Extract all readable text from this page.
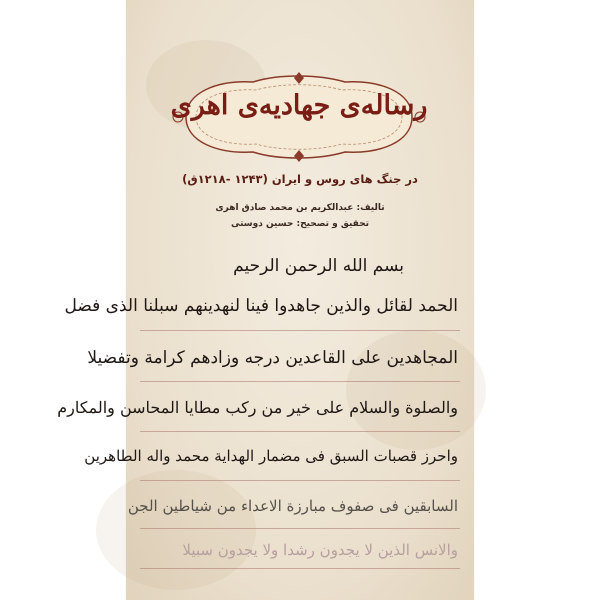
رساله‌ی جهادیه‌ی اهری
در جنگ های روس و ایران (۱۲۴۳ -۱۲۱۸ق)
تالیف: عبدالکریم بن محمد صادق اهری
تحقیق و تصحیح: حسین دوستی
بسم الله الرحمن الرحیم
الحمد لقائل والذین جاهدوا فینا لنهدینهم سبلنا الذی فضل
المجاهدین علی القاعدین درجه وزادهم کرامة وتفضیلا
والصلوة والسلام علی خیر من رکب مطایا المحاسن والمکارم
واحرز قصبات السبق فی مضمار الهدایة محمد واله الطاهرین
السابقین فی صفوف مبارزة الاعداء من شیاطین الجن
والانس الذین لا یجدون رشدا ولا یجدون سبیلا
